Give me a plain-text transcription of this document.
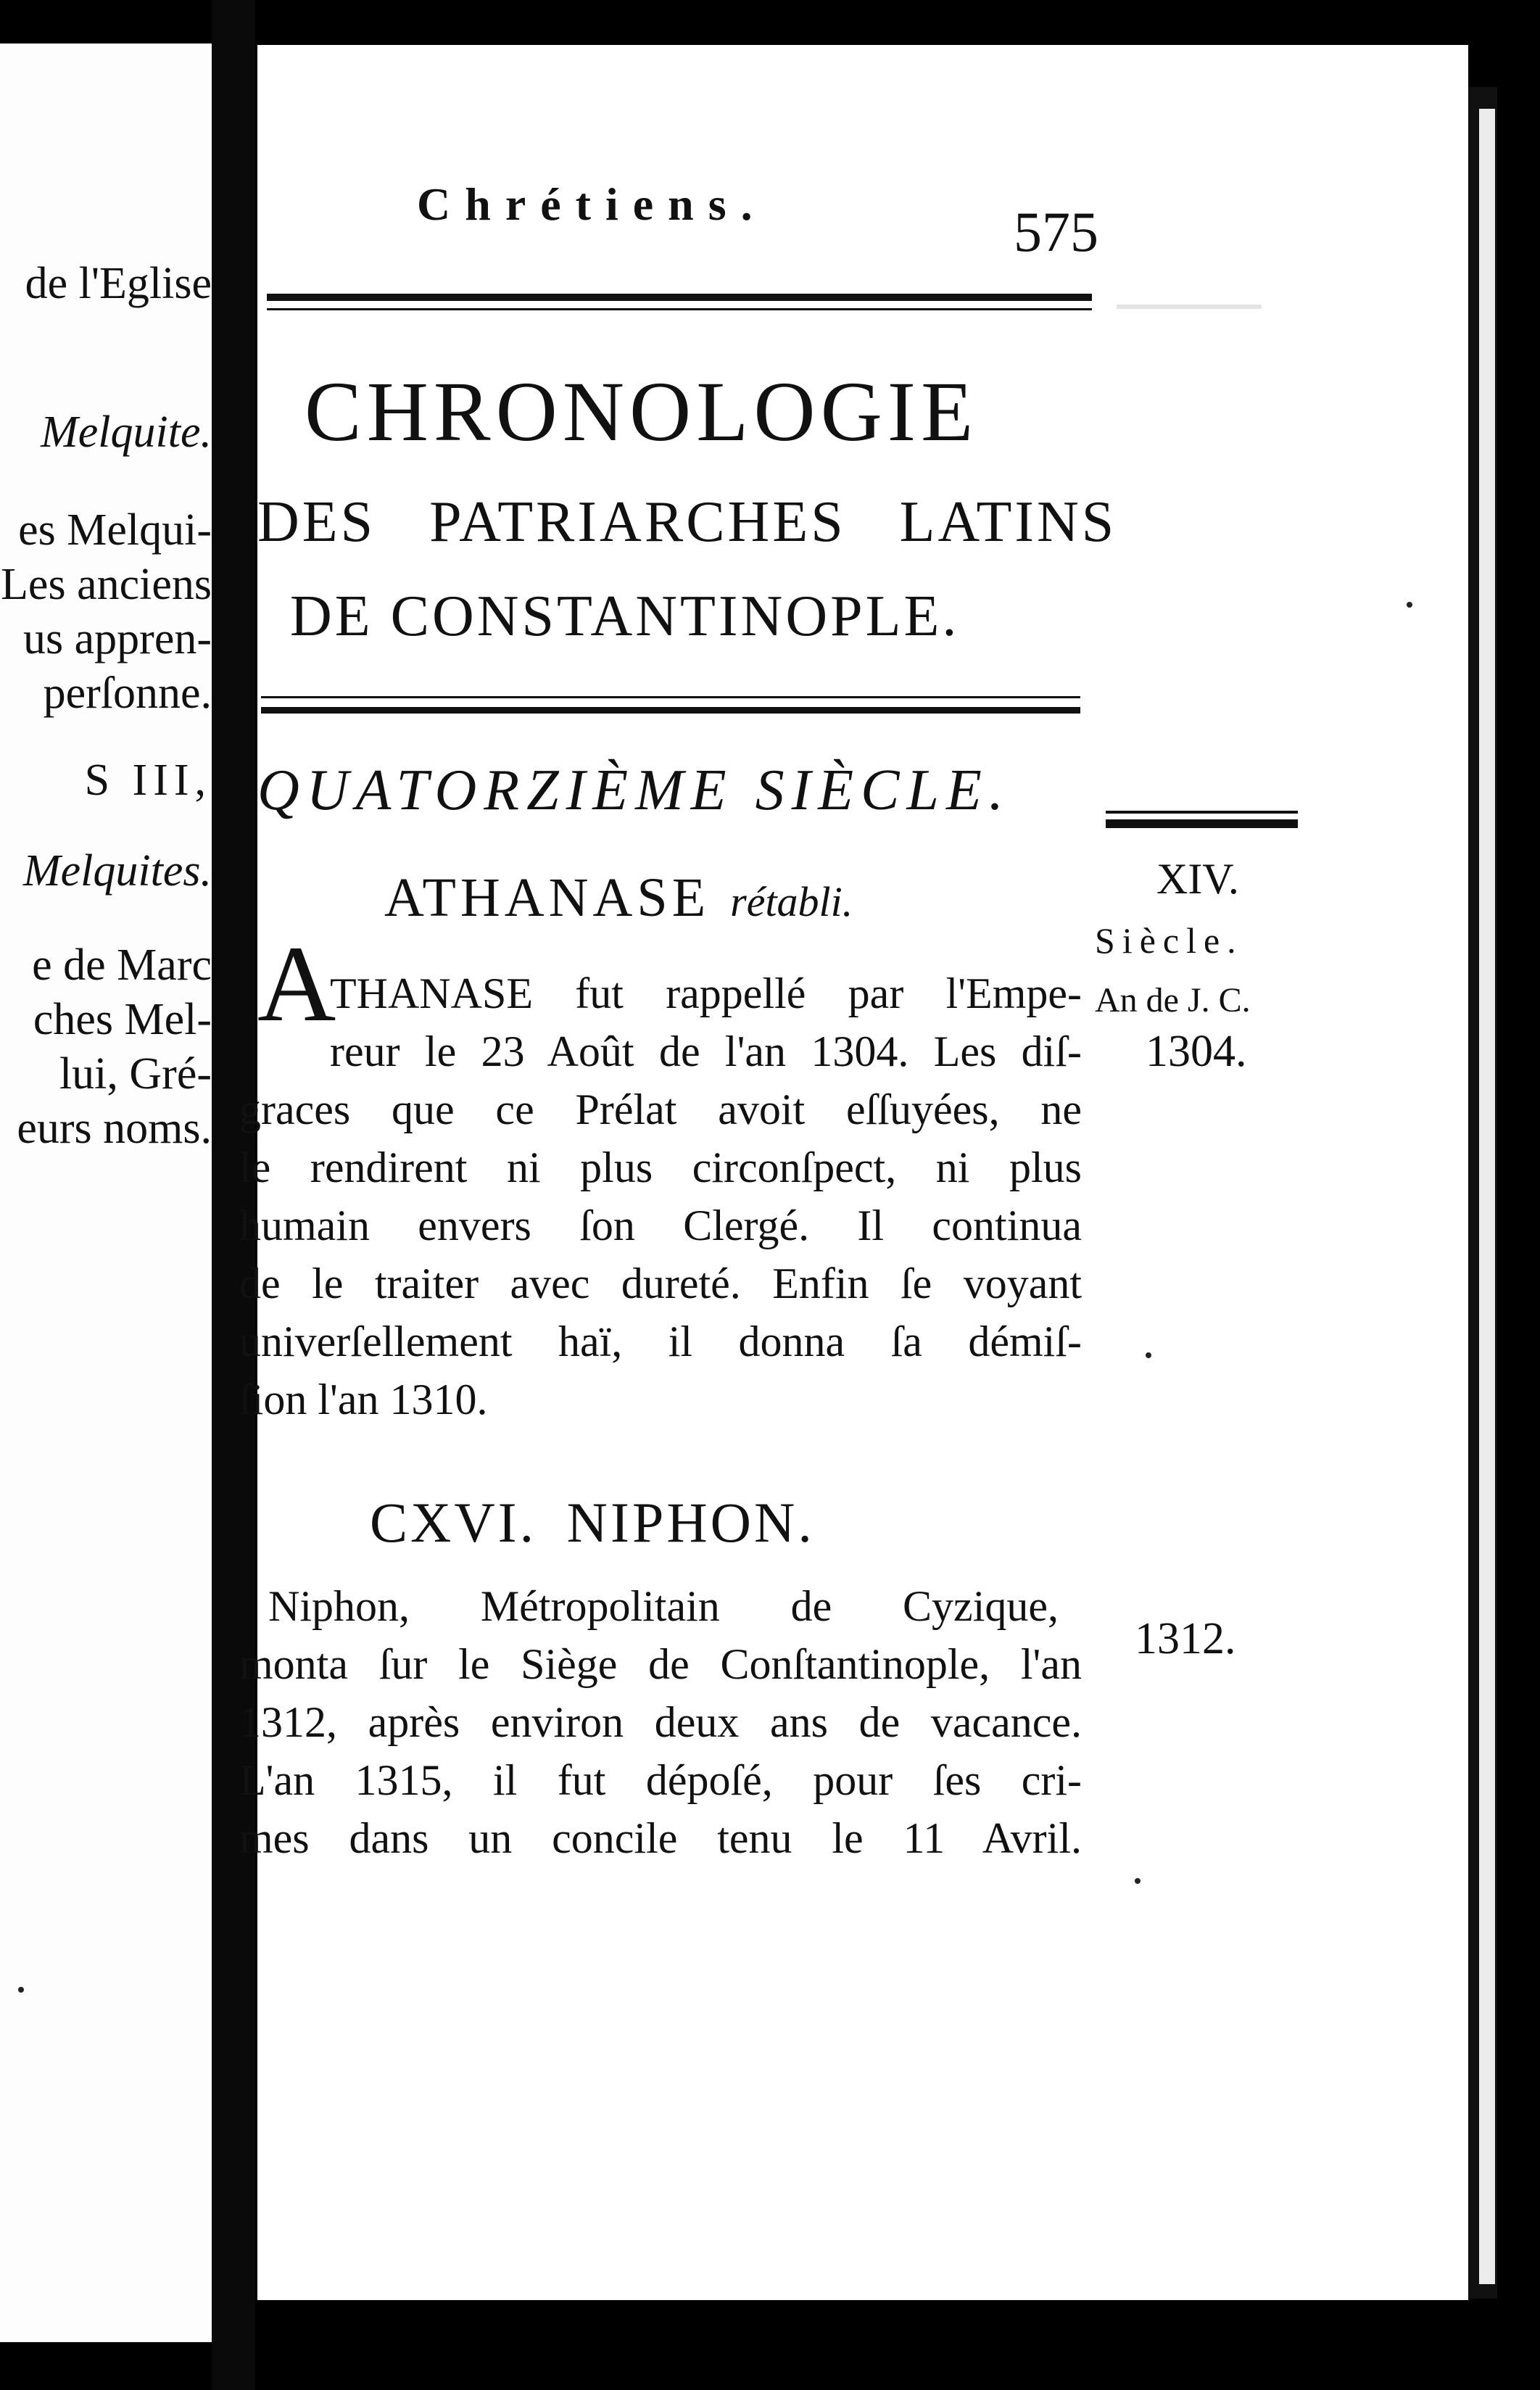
de l'Eglise
Melquite.
es Melqui-
Les anciens
us appren-
perſonne.
S III,
Melquites.
e de Marc
ches Mel-
lui, Gré-
eurs noms.
Chrétiens.	575
CHRONOLOGIE
DES PATRIARCHES LATINS
DE CONSTANTINOPLE.
QUATORZIÈME SIÈCLE.
ATHANASE rétabli.
A
THANASE fut rappellé par l'Empe-
reur le 23 Août de l'an 1304. Les diſ-
graces que ce Prélat avoit eſſuyées, ne
le rendirent ni plus circonſpect, ni plus
humain envers ſon Clergé. Il continua
de le traiter avec dureté. Enfin ſe voyant
univerſellement haï, il donna ſa démiſ-
ſion l'an 1310.
CXVI. NIPHON.
Niphon, Métropolitain de Cyzique,
monta ſur le Siège de Conſtantinople, l'an
1312, après environ deux ans de vacance.
L'an 1315, il fut dépoſé, pour ſes cri-
mes dans un concile tenu le 11 Avril.
XIV.
Siècle.
An de J. C.
1304.
1312.
